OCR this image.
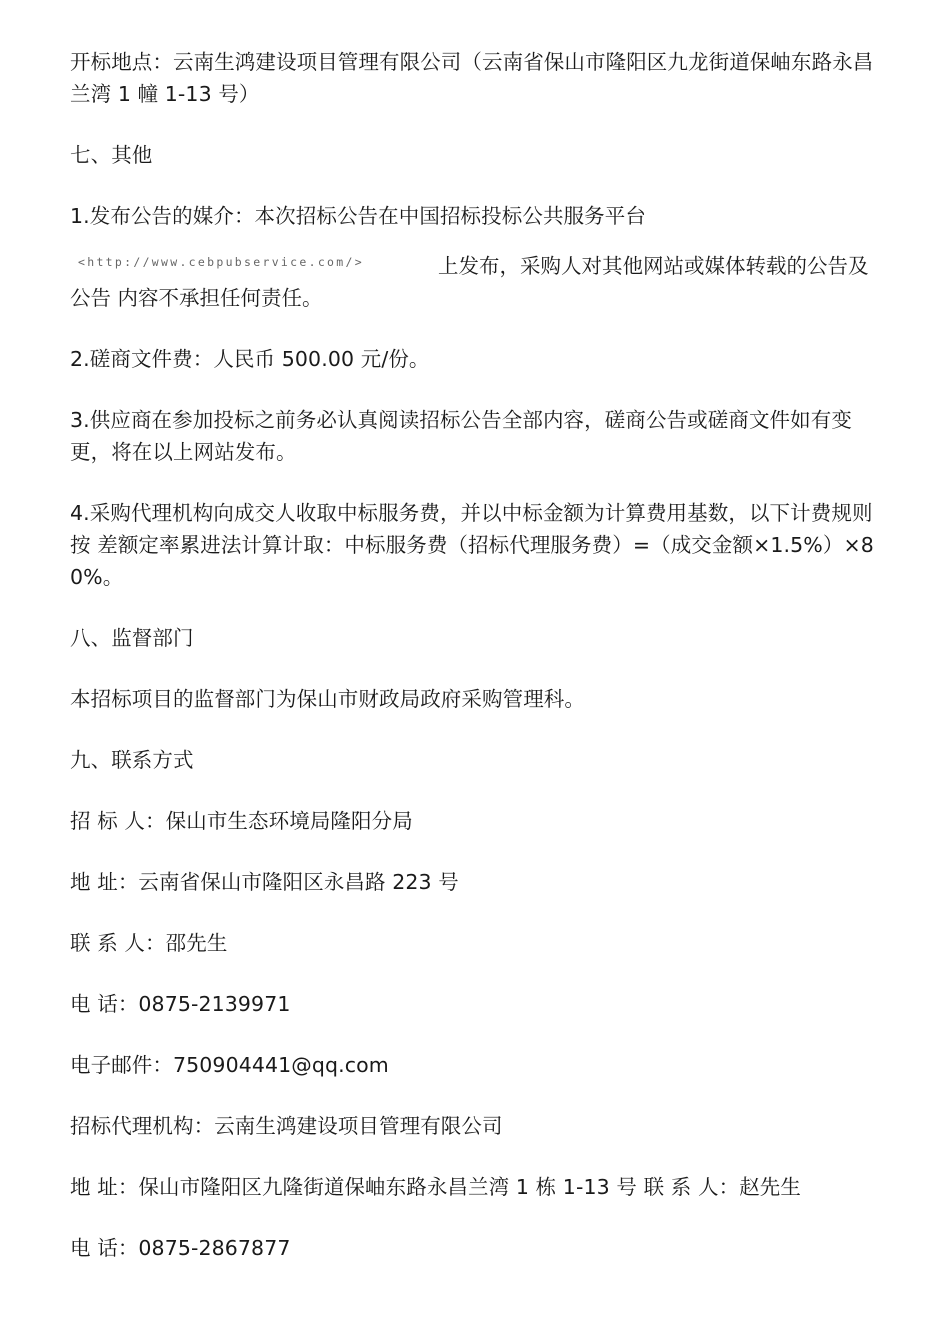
开标地点：云南生鸿建设项目管理有限公司（云南省保山市隆阳区九龙街道保岫东路永昌兰湾 1 幢 1-13 号）

七、其他

1.发布公告的媒介：本次招标公告在中国招标投标公共服务平台

<http://www.cebpubservice.com/>	上发布，采购人对其他网站或媒体转载的公告及公告 内容不承担任何责任。

2.磋商文件费：人民币 500.00 元/份。

3.供应商在参加投标之前务必认真阅读招标公告全部内容，磋商公告或磋商文件如有变更，将在以上网站发布。

4.采购代理机构向成交人收取中标服务费，并以中标金额为计算费用基数，以下计费规则按 差额定率累进法计算计取：中标服务费（招标代理服务费）=（成交金额×1.5%）×80%。

八、监督部门

本招标项目的监督部门为保山市财政局政府采购管理科。

九、联系方式

招 标 人：保山市生态环境局隆阳分局

地 址：云南省保山市隆阳区永昌路 223 号

联 系 人：邵先生

电 话：0875-2139971

电子邮件：750904441@qq.com

招标代理机构：云南生鸿建设项目管理有限公司

地 址：保山市隆阳区九隆街道保岫东路永昌兰湾 1 栋 1-13 号 联 系 人：赵先生

电 话：0875-2867877
